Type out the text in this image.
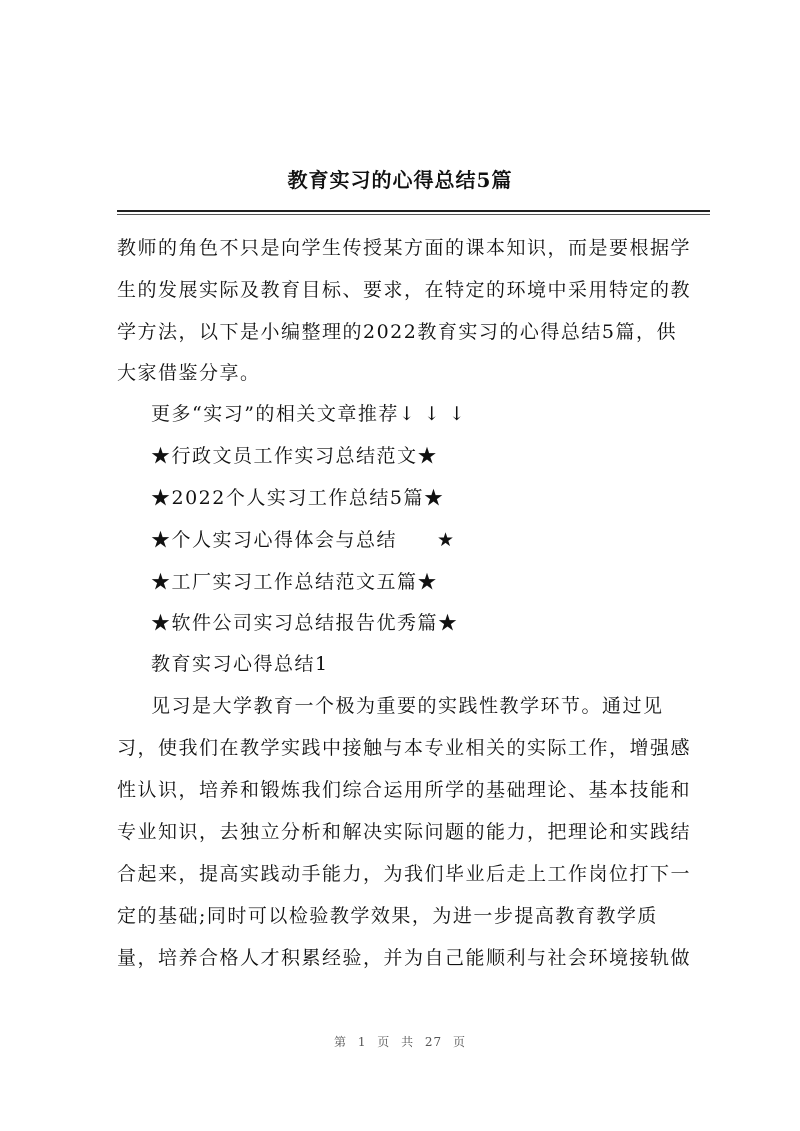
教育实习的心得总结5篇
教师的角色不只是向学生传授某方面的课本知识，而是要根据学
生的发展实际及教育目标、要求，在特定的环境中采用特定的教
学方法，以下是小编整理的2022教育实习的心得总结5篇，供
大家借鉴分享。
更多“实习”的相关文章推荐↓ ↓ ↓
★行政文员工作实习总结范文★
★2022个人实习工作总结5篇★
★个人实习心得体会与总结 ★
★工厂实习工作总结范文五篇★
★软件公司实习总结报告优秀篇★
教育实习心得总结1
见习是大学教育一个极为重要的实践性教学环节。通过见
习，使我们在教学实践中接触与本专业相关的实际工作，增强感
性认识，培养和锻炼我们综合运用所学的基础理论、基本技能和
专业知识，去独立分析和解决实际问题的能力，把理论和实践结
合起来，提高实践动手能力，为我们毕业后走上工作岗位打下一
定的基础;同时可以检验教学效果，为进一步提高教育教学质
量，培养合格人才积累经验，并为自己能顺利与社会环境接轨做
第 1 页 共 27 页
